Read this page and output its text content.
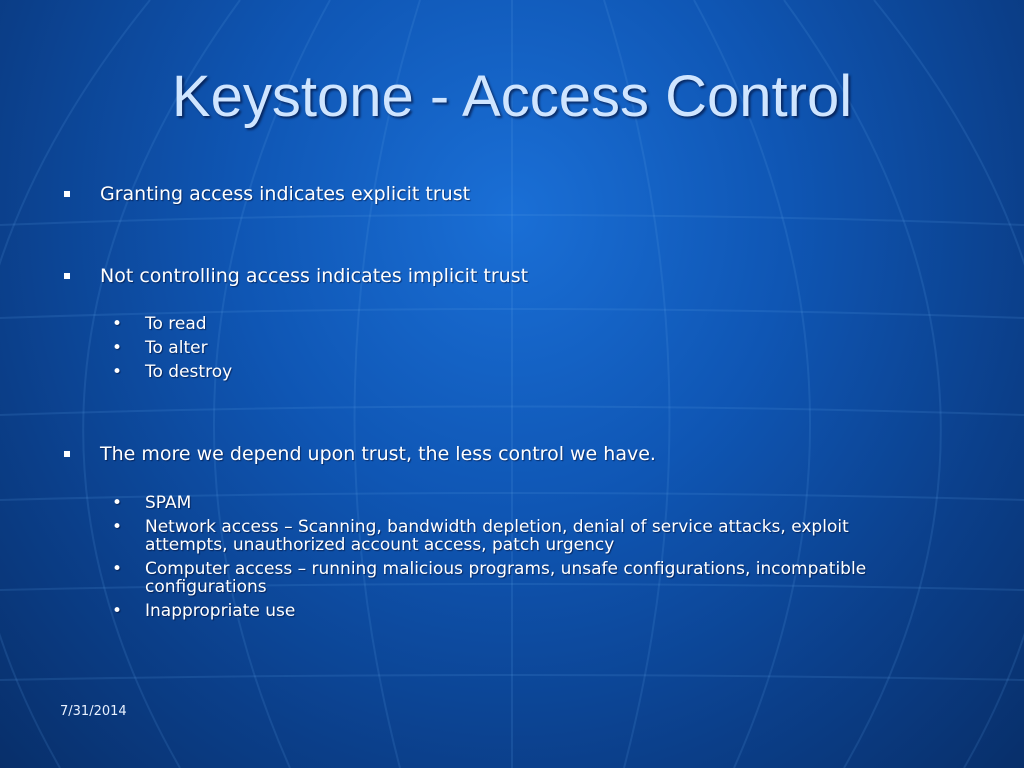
Keystone - Access Control
Granting access indicates explicit trust
Not controlling access indicates implicit trust
• To read
• To alter
• To destroy
The more we depend upon trust, the less control we have.
• SPAM
• Network access – Scanning, bandwidth depletion, denial of service attacks, exploit attempts, unauthorized account access, patch urgency
• Computer access – running malicious programs, unsafe configurations, incompatible configurations
• Inappropriate use
7/31/2014
